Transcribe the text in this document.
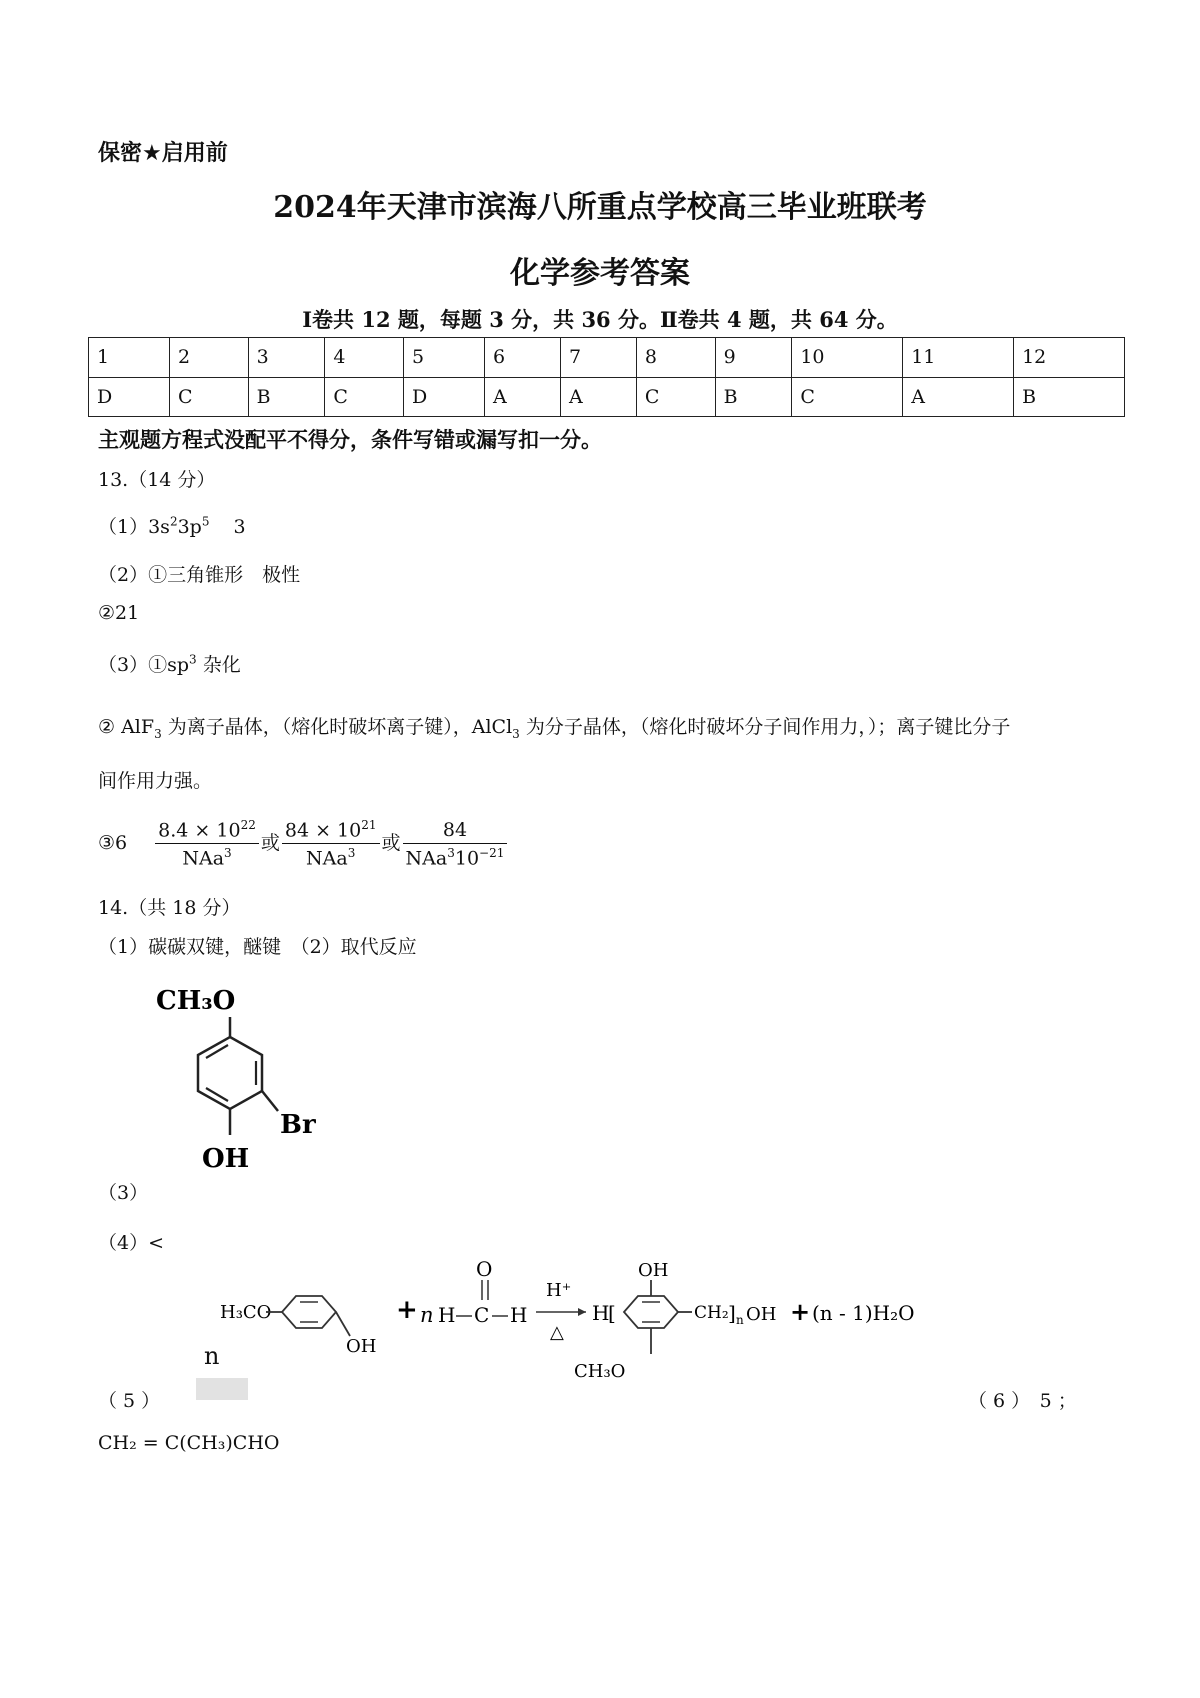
保密★启用前
2024年天津市滨海八所重点学校高三毕业班联考
化学参考答案
Ⅰ卷共 12 题，每题 3 分，共 36 分。Ⅱ卷共 4 题，共 64 分。
1	2	3	4	5	6	7	8	9	10	11	12
D	C	B	C	D	A	A	C	B	C	A	B
主观题方程式没配平不得分，条件写错或漏写扣一分。
13.（14 分）
$(1)3s^23p^5$ 3
（2）①三角锥形　极性
②21
$(3)①sp^3$ 杂化
② AlF$_3$ 为离子晶体，（熔化时破坏离子键），AlCl$_3$ 为分子晶体，（熔化时破坏分子间作用力，）；离子键比分子
间作用力强。
③6 $\frac{8.4 \times 10^{22}}{NAa^3}$ 或 $\frac{84 \times 10^{21}}{NAa^3}$ 或 $\frac{84}{NAa^310^{-21}}$
14.（共 18 分）
（1）碳碳双键，醚键　（2）取代反应
CH₃O
Br
OH
（3）
（4）<
H₃CO
OH
+ n H C
O
H
H⁺
△
H
[
OH
CH₂ ] n OH
CH₃O
+ (n - 1)H₂O
n
（ 5 ）	（ 6 ）　5 ；
CH₂ = C(CH₃)CHO
